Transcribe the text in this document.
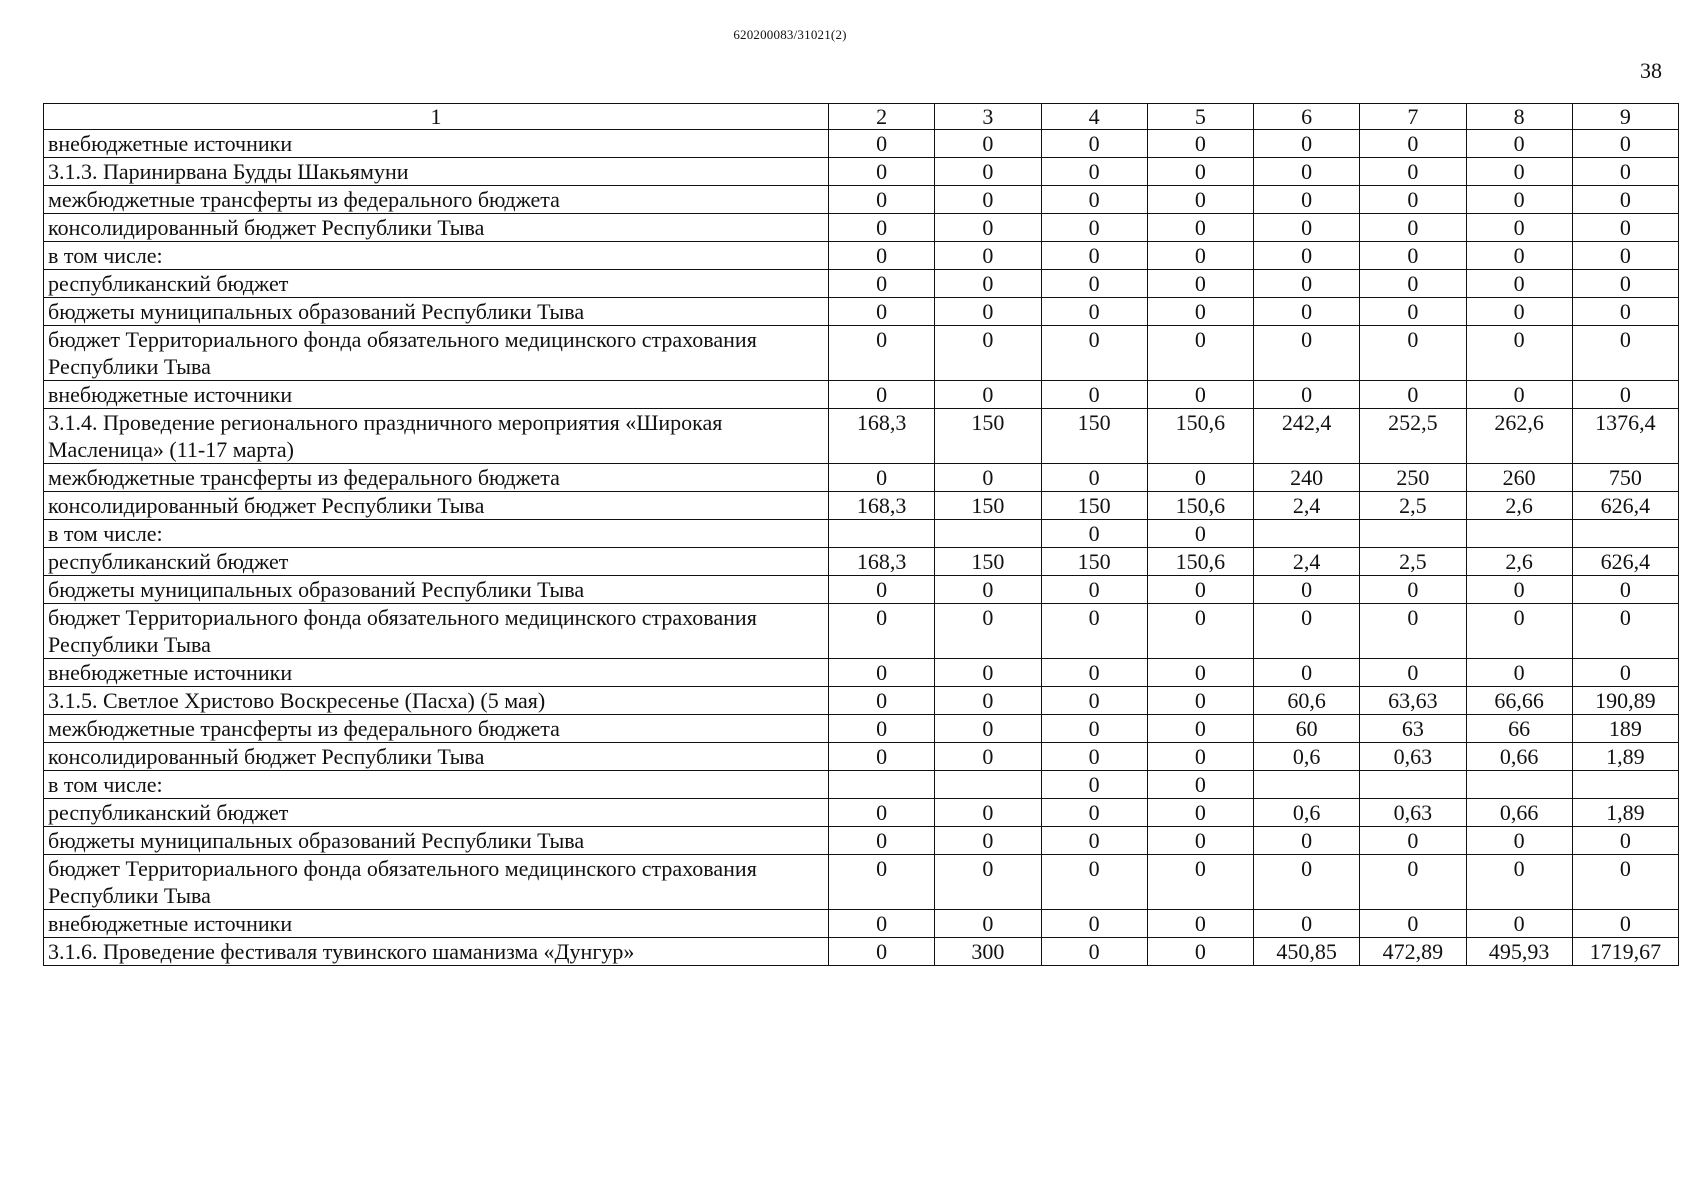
620200083/31021(2)
38
1	2	3	4	5	6	7	8	9
внебюджетные источники	0	0	0	0	0	0	0	0
3.1.3. Паринирвана Будды Шакьямуни	0	0	0	0	0	0	0	0
межбюджетные трансферты из федерального бюджета	0	0	0	0	0	0	0	0
консолидированный бюджет Республики Тыва	0	0	0	0	0	0	0	0
в том числе:	0	0	0	0	0	0	0	0
республиканский бюджет	0	0	0	0	0	0	0	0
бюджеты муниципальных образований Республики Тыва	0	0	0	0	0	0	0	0
бюджет Территориального фонда обязательного медицинского страхования Республики Тыва	0	0	0	0	0	0	0	0
внебюджетные источники	0	0	0	0	0	0	0	0
3.1.4. Проведение регионального праздничного мероприятия «Широкая Масленица» (11-17 марта)	168,3	150	150	150,6	242,4	252,5	262,6	1376,4
межбюджетные трансферты из федерального бюджета	0	0	0	0	240	250	260	750
консолидированный бюджет Республики Тыва	168,3	150	150	150,6	2,4	2,5	2,6	626,4
в том числе:			0	0				
республиканский бюджет	168,3	150	150	150,6	2,4	2,5	2,6	626,4
бюджеты муниципальных образований Республики Тыва	0	0	0	0	0	0	0	0
бюджет Территориального фонда обязательного медицинского страхования Республики Тыва	0	0	0	0	0	0	0	0
внебюджетные источники	0	0	0	0	0	0	0	0
3.1.5. Светлое Христово Воскресенье (Пасха) (5 мая)	0	0	0	0	60,6	63,63	66,66	190,89
межбюджетные трансферты из федерального бюджета	0	0	0	0	60	63	66	189
консолидированный бюджет Республики Тыва	0	0	0	0	0,6	0,63	0,66	1,89
в том числе:			0	0				
республиканский бюджет	0	0	0	0	0,6	0,63	0,66	1,89
бюджеты муниципальных образований Республики Тыва	0	0	0	0	0	0	0	0
бюджет Территориального фонда обязательного медицинского страхования Республики Тыва	0	0	0	0	0	0	0	0
внебюджетные источники	0	0	0	0	0	0	0	0
3.1.6. Проведение фестиваля тувинского шаманизма «Дунгур»	0	300	0	0	450,85	472,89	495,93	1719,67
